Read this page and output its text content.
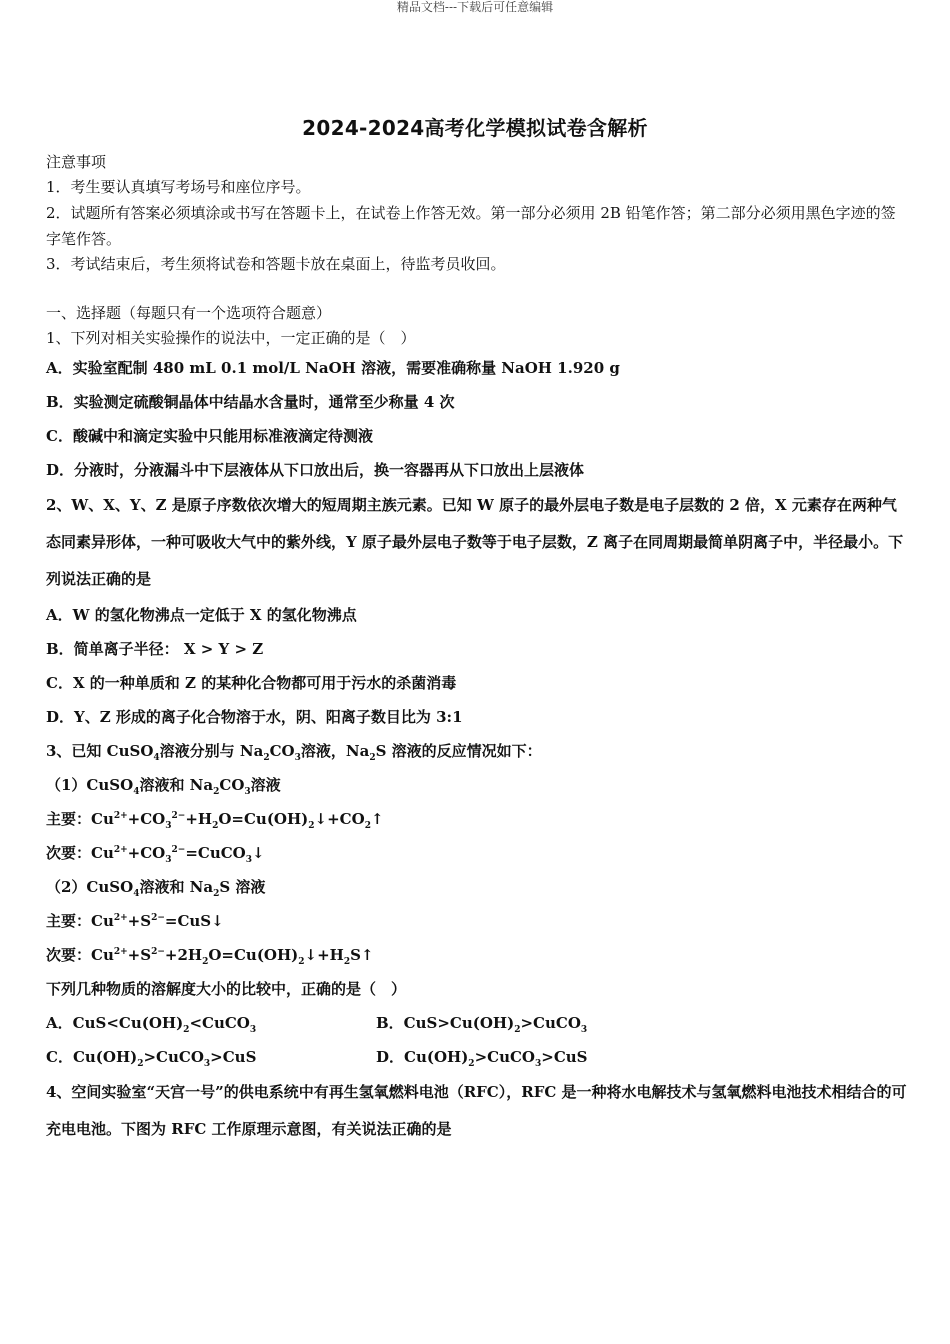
精品文档---下载后可任意编辑
2024-2024高考化学模拟试卷含解析
注意事项
1．考生要认真填写考场号和座位序号。
2．试题所有答案必须填涂或书写在答题卡上，在试卷上作答无效。第一部分必须用 2B 铅笔作答；第二部分必须用黑色字迹的签字笔作答。
3．考试结束后，考生须将试卷和答题卡放在桌面上，待监考员收回。
一、选择题（每题只有一个选项符合题意）
1、下列对相关实验操作的说法中，一定正确的是（　）
A．实验室配制 480 mL 0.1 mol/L NaOH 溶液，需要准确称量 NaOH 1.920 g
B．实验测定硫酸铜晶体中结晶水含量时，通常至少称量 4 次
C．酸碱中和滴定实验中只能用标准液滴定待测液
D．分液时，分液漏斗中下层液体从下口放出后，换一容器再从下口放出上层液体
2、W、X、Y、Z 是原子序数依次增大的短周期主族元素。已知 W 原子的最外层电子数是电子层数的 2 倍，X 元素存在两种气态同素异形体，一种可吸收大气中的紫外线，Y 原子最外层电子数等于电子层数，Z 离子在同周期最简单阴离子中，半径最小。下列说法正确的是
A．W 的氢化物沸点一定低于 X 的氢化物沸点
B．简单离子半径： X > Y > Z
C．X 的一种单质和 Z 的某种化合物都可用于污水的杀菌消毒
D．Y、Z 形成的离子化合物溶于水，阴、阳离子数目比为 3:1
3、已知 CuSO$_4$溶液分别与 $Na_2CO_3$溶液，$Na_2S$ 溶液的反应情况如下：
（1）CuSO$_4$溶液和 $Na_2CO_3$溶液
主要：$Cu^{2+}+CO_3^{2-}+H_2O=Cu(OH)_2↓+CO_2↑$
次要：$Cu^{2+}+CO_3^{2-}=CuCO_3↓$
（2）CuSO$_4$溶液和 $Na_2S$ 溶液
主要：$Cu^{2+}+S^{2-}=CuS↓$
次要：$Cu^{2+}+S^{2-}+2H_2O=Cu(OH)_2↓+H_2S↑$
下列几种物质的溶解度大小的比较中，正确的是（　）
A．$CuS<Cu(OH)_2<CuCO_3$	B．$CuS>Cu(OH)_2>CuCO_3$
C．$Cu(OH)_2>CuCO_3>CuS$	D．$Cu(OH)_2>CuCO_3>CuS$
4、空间实验室“天宫一号”的供电系统中有再生氢氧燃料电池（RFC），RFC 是一种将水电解技术与氢氧燃料电池技术相结合的可充电电池。下图为 RFC 工作原理示意图，有关说法正确的是
